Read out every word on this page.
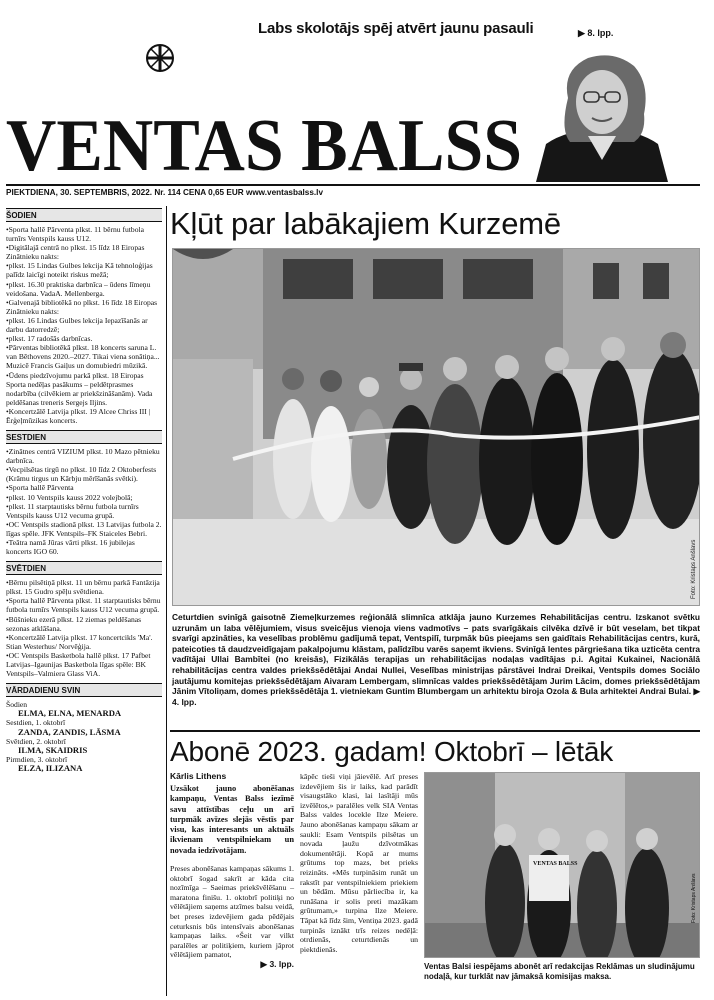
Labs skolotājs spēj atvērt jaunu pasauli	▶ 8. lpp.
VENTAS BALSS
PIEKTDIENA, 30. SEPTEMBRIS, 2022. Nr. 114 CENA 0,65 EUR www.ventasbalss.lv
ŠODIEN
•Sporta hallē Pārventa plkst. 11 bērnu futbola turnīrs Ventspils kauss U12.
•Digitālajā centrā no plkst. 15 līdz 18 Eiropas Zinātnieku nakts:
•plkst. 15 Lindas Gulbes lekcija Kā tehnoloģijas palīdz laicīgi noteikt riskus mežā;
•plkst. 16.30 praktiska darbnīca – ūdens līmeņu veidošana. VadaA. Mellenberga.
•Galvenajā bibliotēkā no plkst. 16 līdz 18 Eiropas Zinātnieku nakts:
•plkst. 16 Lindas Gulbes lekcija Iepazīšanās ar darbu datorredzē;
•plkst. 17 radošās darbnīcas.
•Pārventas bibliotēkā plkst. 18 koncerts saruna L. van Bēthovens 2020.–2027. Tikai viena sonātiņa... Muzicē Francis Gaiļus un domubiedri mūzikā.
•Ūdens piedzīvojumu parkā plkst. 18 Eiropas Sporta nedēļas pasākums – peldētprasmes nodarbība (cilvēkiem ar priekšzināšanām). Vada peldēšanas treneris Sergejs Iljins.
•Koncertzālē Latvija plkst. 19 Alcee Chriss III | Ērģeļmūzikas koncerts.
SESTDIEN
•Zinātnes centrā VIZIUM plkst. 10 Mazo pētnieku darbnīca.
•Vecpilsētas tirgū no plkst. 10 līdz 2 Oktoberfests (Krāmu tirgus un Kārbju mērīšanās svētki).
•Sporta hallē Pārventa
•plkst. 10 Ventspils kauss 2022 volejbolā;
•plkst. 11 starptautisks bērnu futbola turnīrs Ventspils kauss U12 vecuma grupā.
•OC Ventspils stadionā plkst. 13 Latvijas futbola 2. līgas spēle. JFK Ventspils–FK Staiceles Bebri.
•Teātra namā Jūras vārti plkst. 16 jubilejas koncerts IGO 60.
SVĒTDIEN
•Bērnu pilsētiņā plkst. 11 un bērnu parkā Fantāzija plkst. 15 Gudro spēļu svētdiena.
•Sporta hallē Pārventa plkst. 11 starptautisks bērnu futbola turnīrs Ventspils kauss U12 vecuma grupā.
•Būšnieku ezerā plkst. 12 ziemas peldēšanas sezonas atklāšana.
•Koncertzālē Latvija plkst. 17 koncertcikls 'Ma'. Stian Westerhus/ Norvēģija.
•OC Ventspils Basketbola hallē plkst. 17 Pafbet Latvijas–Igaunijas Basketbola līgas spēle: BK Ventspils–Valmiera Glass ViA.
VĀRDADIENU SVIN
Šodien
ELMA, ELNA, MENARDA
Sestdien, 1. oktobrī
ZANDA, ZANDIS, LĀSMA
Svētdien, 2. oktobrī
ILMA, SKAIDRIS
Pirmdien, 3. oktobrī
ELZA, ILIZANA
Kļūt par labākajiem Kurzemē
Foto: Kristaps Anšlavs
Ceturtdien svinīgā gaisotnē Ziemeļkurzemes reģionālā slimnīca atklāja jauno Kurzemes Rehabilitācijas centru. Izskanot svētku uzrunām un laba vēlējumiem, visus sveicējus vienoja viens vadmotīvs – pats svarīgākais cilvēka dzīvē ir būt veselam, bet tikpat svarīgi apzināties, ka veselības problēmu gadījumā tepat, Ventspilī, turpmāk būs pieejams sen gaidītais Rehabilitācijas centrs, kurā, pateicoties tā daudzveidīgajam pakalpojumu klāstam, palīdzību varēs saņemt ikviens. Svinīgā lentes pārgriešana tika uzticēta centra vadītājai Ullai Bambītei (no kreisās), Fizikālās terapijas un rehabilitācijas nodaļas vadītājas p.i. Agitai Kukainei, Nacionālā rehabilitācijas centra valdes priekšsēdētājai Andai Nullei, Veselības ministrijas pārstāvei Indrai Dreikai, Ventspils domes Sociālo jautājumu komitejas priekšsēdētājam Aivaram Lembergam, slimnīcas valdes priekšsēdētājam Jurim Lācim, domes priekšsēdētājam Jānim Vītoliņam, domes priekšsēdētāja 1. vietniekam Guntim Blumbergam un arhitektu biroja Ozola & Bula arhitektei Andrai Bulai. ▶ 4. lpp.
Abonē 2023. gadam! Oktobrī – lētāk
Kārlis Lithens

Uzsākot jauno abonēšanas kampaņu, Ventas Balss iezīmē savu attīstības ceļu un arī turpmāk avīzes slejās vēstīs par visu, kas interesants un aktuāls ikvienam ventspilniekam un novada iedzīvotājam.

Preses abonēšanas kampaņas sākums 1. oktobrī šogad sakrīt ar kāda cita nozīmīga – Saeimas priekšvēlēšanu – maratona finišu. 1. oktobrī politiķi no vēlētājiem saņems atzīmes balsu veidā, bet preses izdevējiem gada pēdējais ceturksnis būs intensīvais abonēšanas kampaņas laiks. «Šeit var vilkt paralēles ar politiķiem, kuriem jāprot vēlētājiem pamatot,

▶ 3. lpp.

kāpēc tieši viņi jāievēlē. Arī preses izdevējiem šis ir laiks, kad parādīt visaugstāko klasi, lai lasītāji mūs izvēlētos,» paralēles velk SIA Ventas Balss valdes locekle Ilze Meiere. Jauno abonēšanas kampaņu sākam ar saukli: Esam Ventspils pilsētas un novada ļaužu dzīvotmākas dokumentētāji. Kopā ar mums grūtums top mazs, bet prieks reizināts. «Mēs turpināsim runāt un rakstīt par ventspilniekiem priekiem un bēdām. Mūsu pārliecība ir, ka runāšana ir solis preti mazākam grūtumam,» turpina Ilze Meiere. Tāpat kā līdz šim, Ventiņa 2023. gadā turpinās iznākt trīs reizes nedēļā: otrdienās, ceturtdienās un piektdienās.

VENTAS BALSS
Foto: Kristaps Anšlavs
Ventas Balsi iespējams abonēt arī redakcijas Reklāmas un sludinājumu nodaļā, kur turklāt nav jāmaksā komisijas maksa.
